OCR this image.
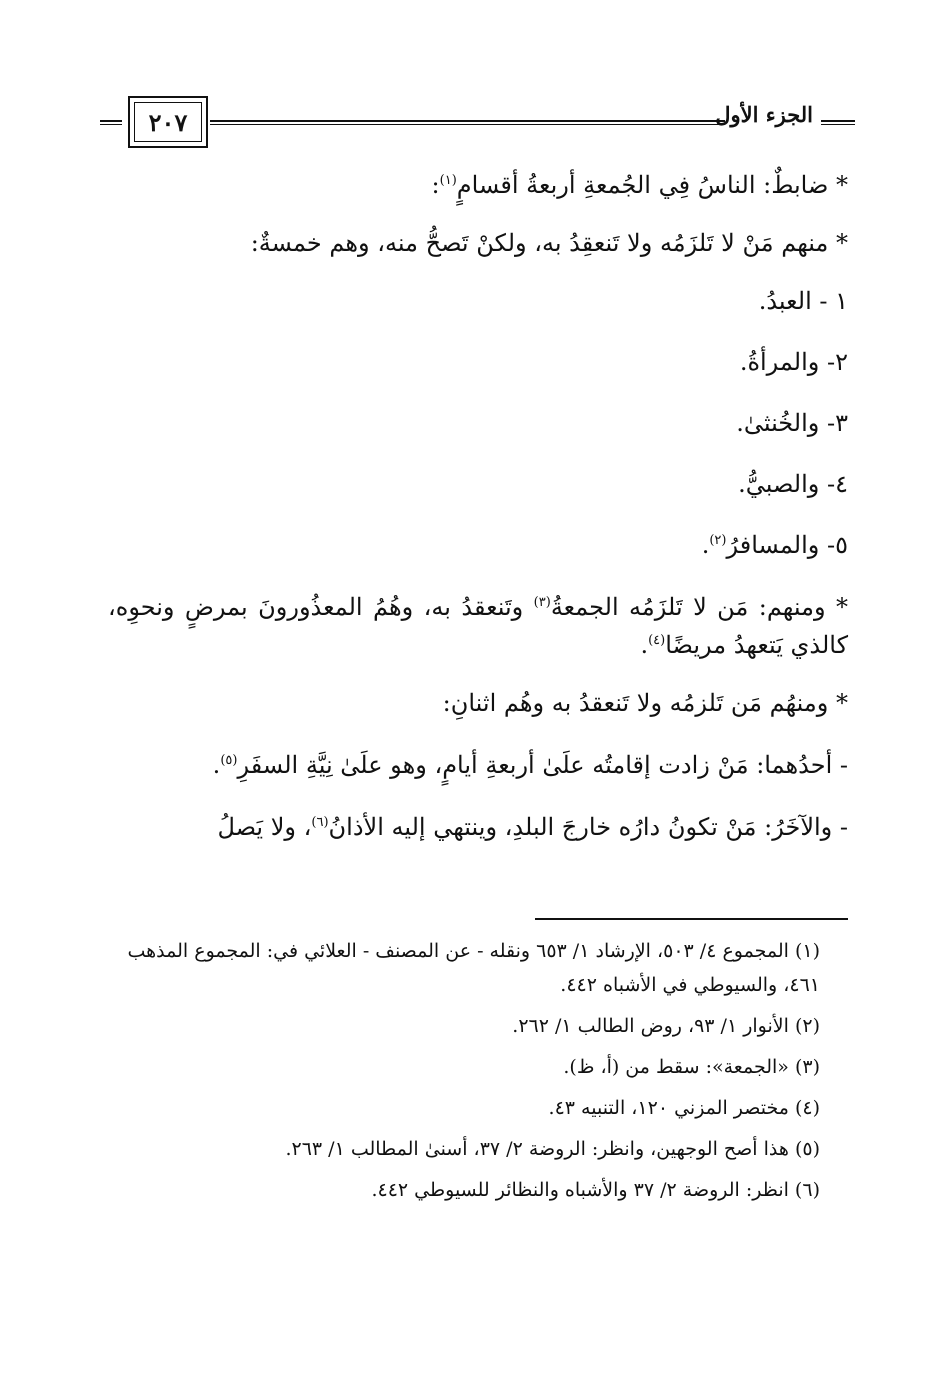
٢٠٧	الجزء الأول

* ضابطٌ: الناسُ فِي الجُمعةِ أربعةُ أقسامٍ$^{(١)}$:

* منهم مَنْ لا تَلزَمُه ولا تَنعقِدُ به، ولكنْ تَصحُّ منه، وهم خمسةٌ:

١ - العبدُ.

٢- والمرأةُ.

٣- والخُنثىٰ.

٤- والصبيُّ.

٥- والمسافرُ$^{(٢)}$.

* ومنهم: مَن لا تَلزَمُه الجمعةُ$^{(٣)}$ وتَنعقدُ به، وهُمُ المعذُورونَ بمرضٍ ونحوِه، كالذي يَتعهدُ مريضًا$^{(٤)}$.

* ومنهُم مَن تَلزمُه ولا تَنعقدُ به وهُم اثنانِ:

- أحدُهما: مَنْ زادت إقامتُه علَىٰ أربعةِ أيامٍ، وهو علَىٰ نِيَّةِ السفَرِ$^{(٥)}$.

- والآخَرُ: مَنْ تكونُ دارُه خارجَ البلدِ، وينتهي إليه الأذانُ$^{(٦)}$، ولا يَصلُ

(١) المجموع ٤/ ٥٠٣، الإرشاد ١/ ٦٥٣ ونقله - عن المصنف - العلائي في: المجموع المذهب ٤٦١، والسيوطي في الأشباه ٤٤٢.

(٢) الأنوار ١/ ٩٣، روض الطالب ١/ ٢٦٢.

(٣) «الجمعة»: سقط من (أ، ظ).

(٤) مختصر المزني ١٢٠، التنبيه ٤٣.

(٥) هذا أصح الوجهين، وانظر: الروضة ٢/ ٣٧، أسنىٰ المطالب ١/ ٢٦٣.

(٦) انظر: الروضة ٢/ ٣٧ والأشباه والنظائر للسيوطي ٤٤٢.
